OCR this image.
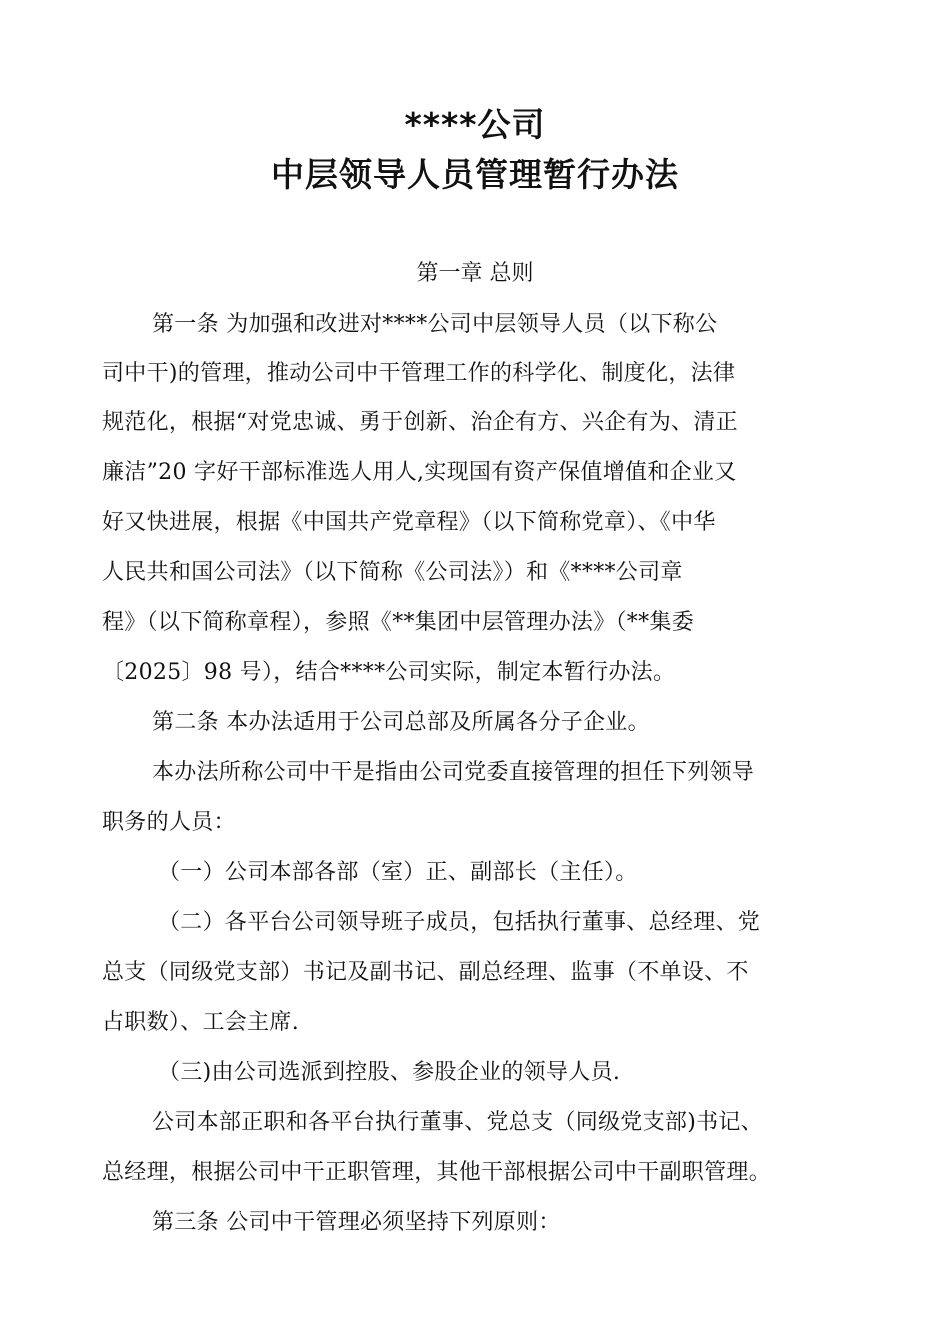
****公司
中层领导人员管理暂行办法
第一章 总则
第一条 为加强和改进对****公司中层领导人员（以下称公
司中干)的管理，推动公司中干管理工作的科学化、制度化，法律
规范化，根据“对党忠诚、勇于创新、治企有方、兴企有为、清正
廉洁”20 字好干部标准选人用人,实现国有资产保值增值和企业又
好又快进展，根据《中国共产党章程》（以下简称党章）、《中华
人民共和国公司法》（以下简称《公司法》）和《****公司章
程》（以下简称章程），参照《**集团中层管理办法》（**集委
〔2025〕98 号），结合****公司实际，制定本暂行办法。
第二条 本办法适用于公司总部及所属各分子企业。
本办法所称公司中干是指由公司党委直接管理的担任下列领导
职务的人员：
（一）公司本部各部（室）正、副部长（主任）。
（二）各平台公司领导班子成员，包括执行董事、总经理、党
总支（同级党支部）书记及副书记、副总经理、监事（不单设、不
占职数）、工会主席.
（三)由公司选派到控股、参股企业的领导人员.
公司本部正职和各平台执行董事、党总支（同级党支部)书记、
总经理，根据公司中干正职管理，其他干部根据公司中干副职管理。
第三条 公司中干管理必须坚持下列原则：
